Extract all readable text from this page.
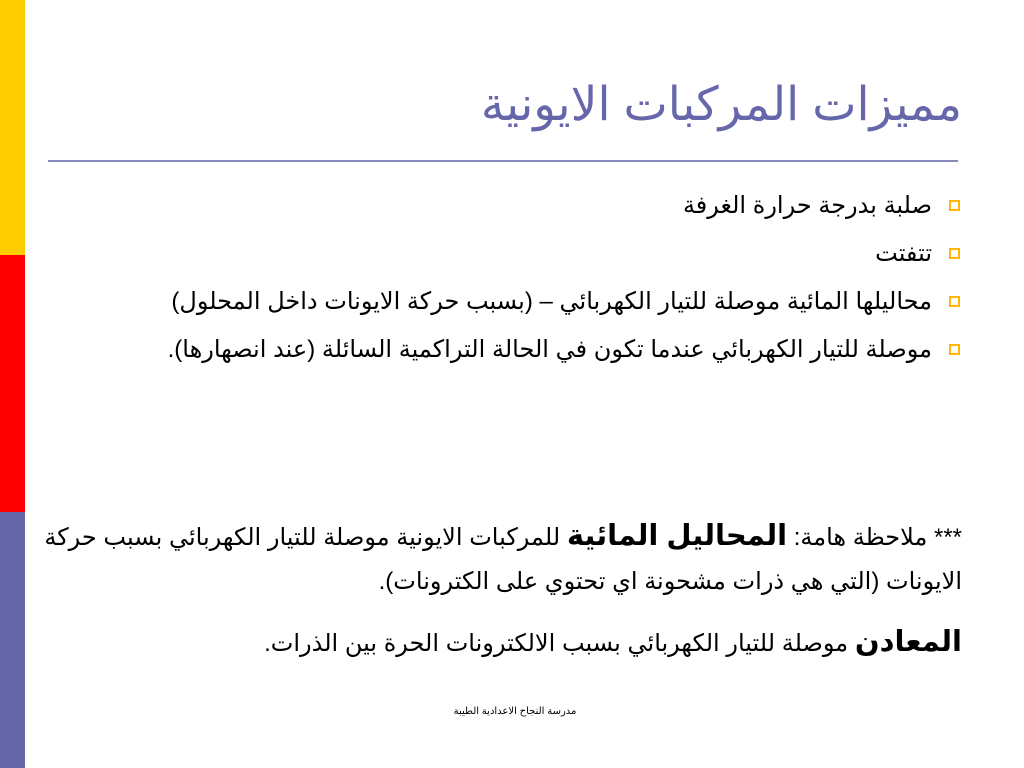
مميزات المركبات الايونية
صلبة بدرجة حرارة الغرفة
تتفتت
محاليلها المائية موصلة للتيار الكهربائي – (بسبب حركة الايونات داخل المحلول)
موصلة للتيار الكهربائي عندما تكون في الحالة التراكمية السائلة (عند انصهارها).

*** ملاحظة هامة: المحاليل المائية للمركبات الايونية موصلة للتيار الكهربائي بسبب حركة الايونات (التي هي ذرات مشحونة اي تحتوي على الكترونات).

المعادن موصلة للتيار الكهربائي بسبب الالكترونات الحرة بين الذرات.

مدرسة النجاح الاعدادية الطيبة
